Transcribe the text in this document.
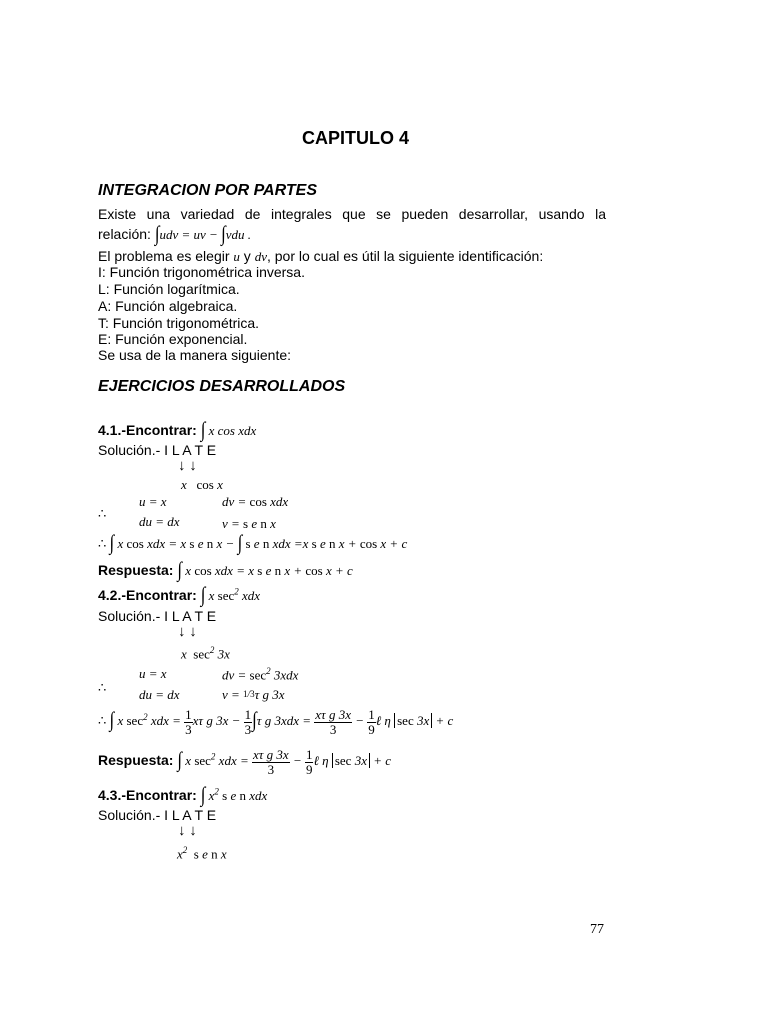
CAPITULO 4
INTEGRACION POR PARTES
Existe una variedad de integrales que se pueden desarrollar, usando la
relación: ∫udv = uv − ∫vdu .
El problema es elegir u y dv, por lo cual es útil la siguiente identificación:
I: Función trigonométrica inversa.
L: Función logarítmica.
A: Función algebraica.
T: Función trigonométrica.
E: Función exponencial.
Se usa de la manera siguiente:
EJERCICIOS DESARROLLADOS
4.1.-Encontrar: ∫ x cos xdx
Solución.- I L A T E
↓ ↓
x   cos x
∴
u = x	dv = cos xdx
du = dx	v = s e n x
∴ ∫ x cos xdx = x s e n x − ∫ s e n xdx =x s e n x + cos x + c
Respuesta: ∫ x cos xdx = x s e n x + cos x + c
4.2.-Encontrar: ∫ x $\sec^2$ xdx
Solución.- I L A T E
↓ ↓
x  $\sec^2 3x$
∴
u = x	dv = $\sec^2 3xdx$
du = dx	v = 1/3τ g 3x
∴ ∫ x $\sec^2$ xdx = $\frac{1}{3}$ xτ g $3x - \frac{1}{3} \int\tau$ g $3xdx = \frac{\text{xτ g 3x}}{3} - \frac{1}{9}$ ℓ η sec 3x + c
Respuesta: ∫ x $\sec^2$ xdx = $\frac{\text{xτ g 3x}}{3} - \frac{1}{9}$ ℓ η sec 3x + c
4.3.-Encontrar: ∫ $x^2$ s e n xdx
Solución.- I L A T E
↓ ↓
$x^2$ s e n x
77
